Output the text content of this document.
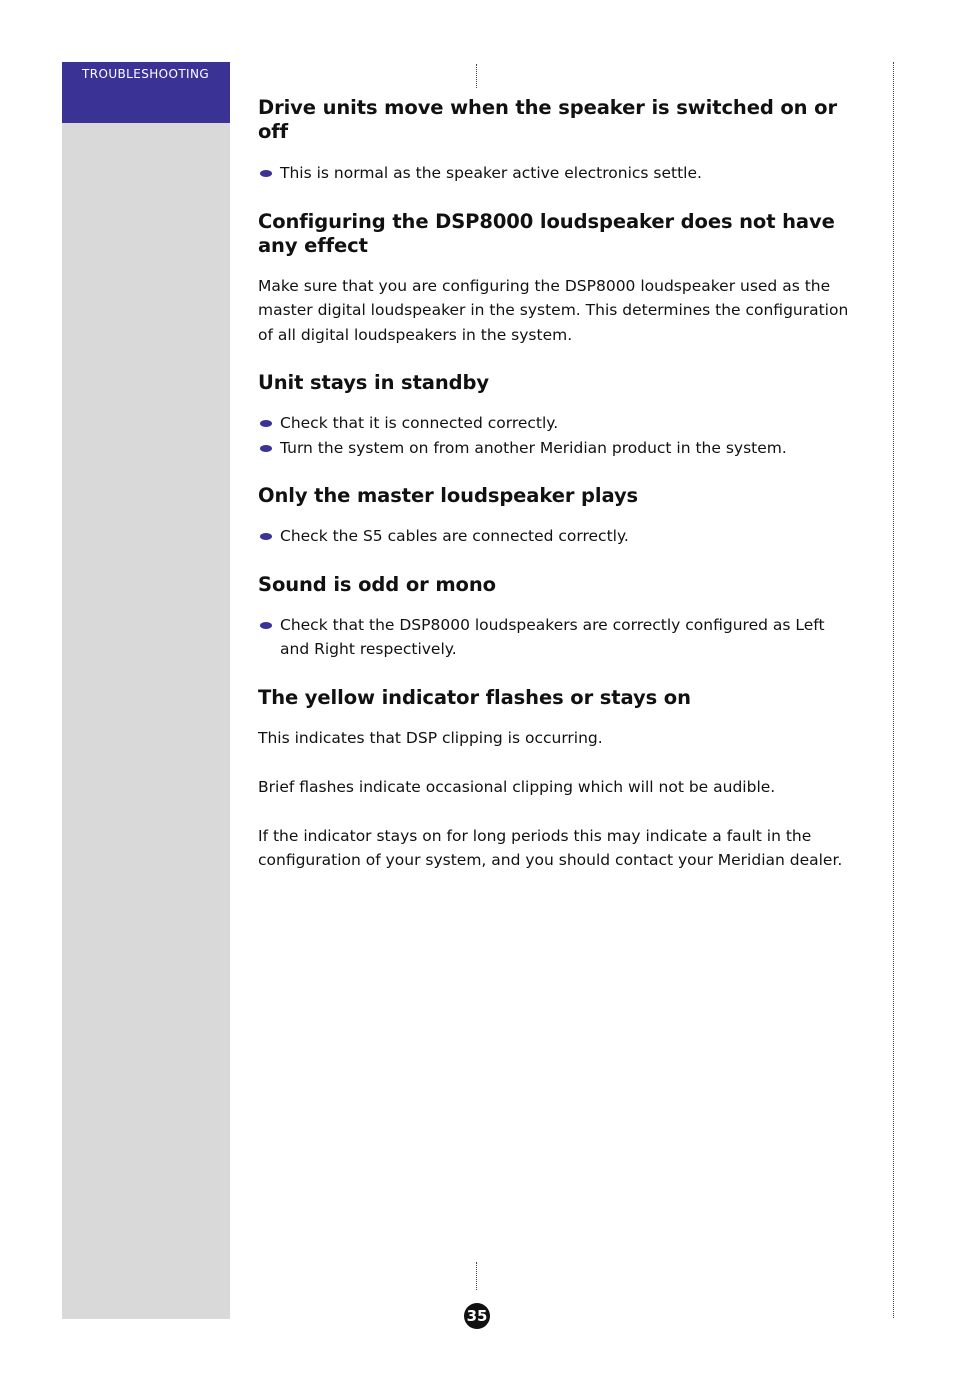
TROUBLESHOOTING
Drive units move when the speaker is switched on or off
This is normal as the speaker active electronics settle.
Configuring the DSP8000 loudspeaker does not have any effect

Make sure that you are configuring the DSP8000 loudspeaker used as the master digital loudspeaker in the system. This determines the configuration of all digital loudspeakers in the system.

Unit stays in standby
Check that it is connected correctly.
Turn the system on from another Meridian product in the system.
Only the master loudspeaker plays
Check the S5 cables are connected correctly.
Sound is odd or mono
Check that the DSP8000 loudspeakers are correctly configured as Left and Right respectively.
The yellow indicator flashes or stays on

This indicates that DSP clipping is occurring.

Brief flashes indicate occasional clipping which will not be audible.

If the indicator stays on for long periods this may indicate a fault in the configuration of your system, and you should contact your Meridian dealer.

35
